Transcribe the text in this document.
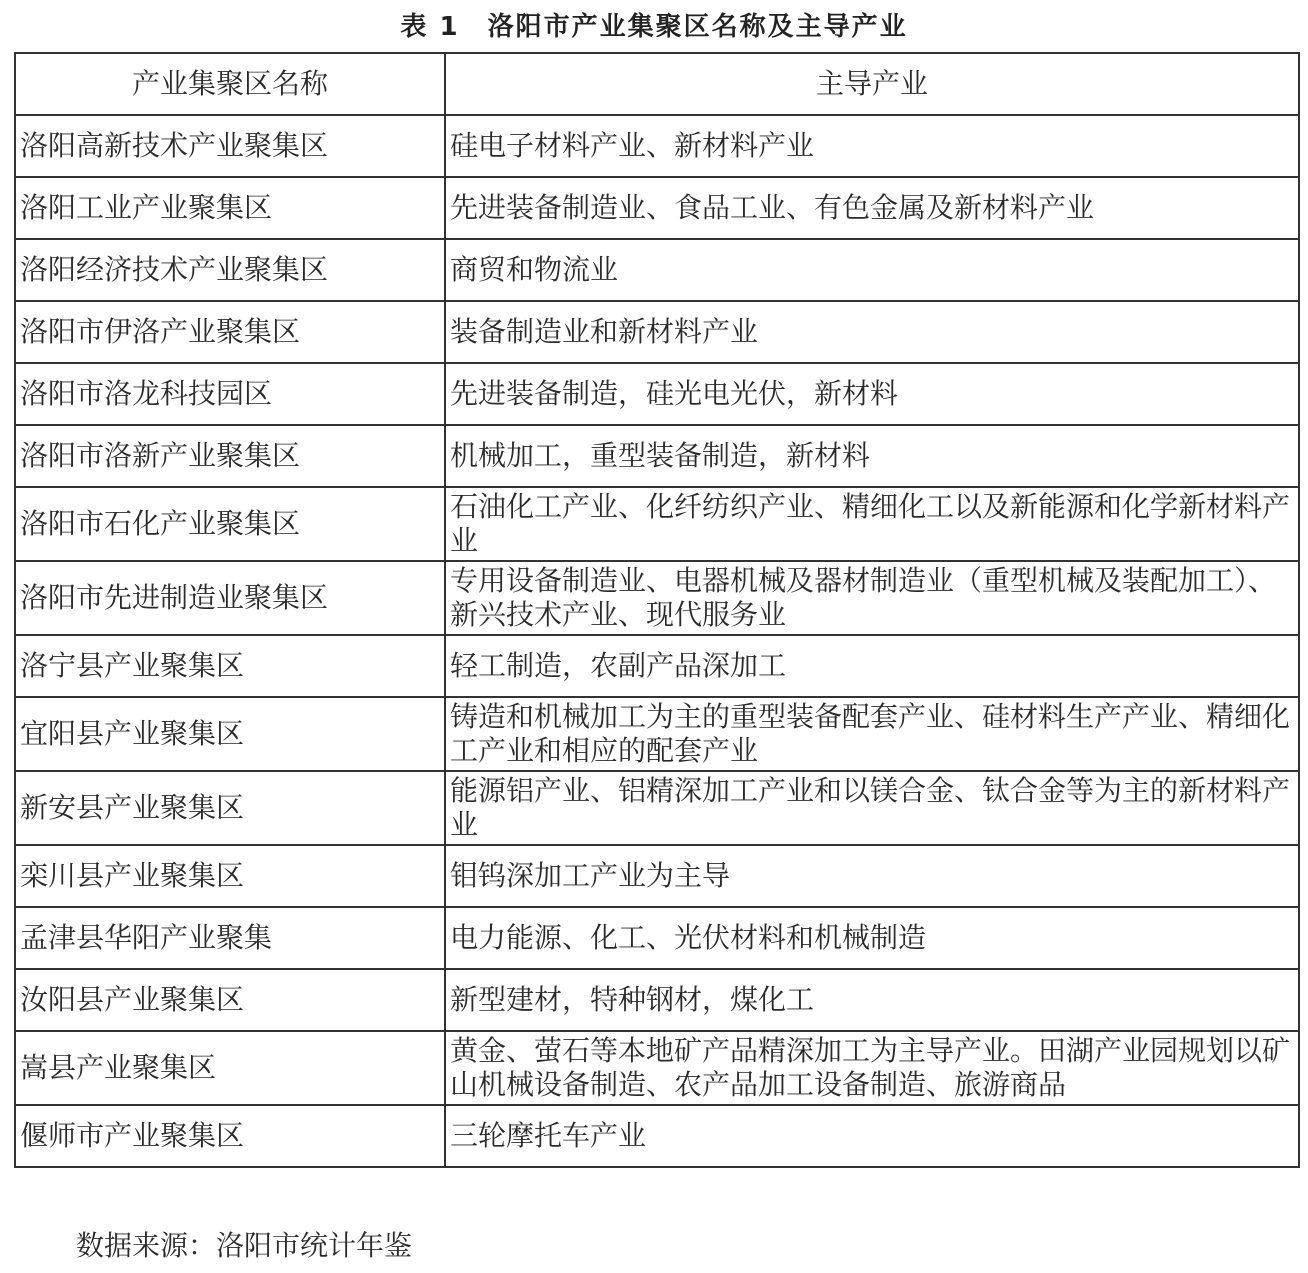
表 1 洛阳市产业集聚区名称及主导产业
产业集聚区名称	主导产业
洛阳高新技术产业聚集区	硅电子材料产业、新材料产业
洛阳工业产业聚集区	先进装备制造业、食品工业、有色金属及新材料产业
洛阳经济技术产业聚集区	商贸和物流业
洛阳市伊洛产业聚集区	装备制造业和新材料产业
洛阳市洛龙科技园区	先进装备制造，硅光电光伏，新材料
洛阳市洛新产业聚集区	机械加工，重型装备制造，新材料
洛阳市石化产业聚集区	石油化工产业、化纤纺织产业、精细化工以及新能源和化学新材料产业
洛阳市先进制造业聚集区	专用设备制造业、电器机械及器材制造业（重型机械及装配加工）、新兴技术产业、现代服务业
洛宁县产业聚集区	轻工制造，农副产品深加工
宜阳县产业聚集区	铸造和机械加工为主的重型装备配套产业、硅材料生产产业、精细化工产业和相应的配套产业
新安县产业聚集区	能源铝产业、铝精深加工产业和以镁合金、钛合金等为主的新材料产业
栾川县产业聚集区	钼钨深加工产业为主导
孟津县华阳产业聚集	电力能源、化工、光伏材料和机械制造
汝阳县产业聚集区	新型建材，特种钢材，煤化工
嵩县产业聚集区	黄金、萤石等本地矿产品精深加工为主导产业。田湖产业园规划以矿山机械设备制造、农产品加工设备制造、旅游商品
偃师市产业聚集区	三轮摩托车产业
数据来源：洛阳市统计年鉴
